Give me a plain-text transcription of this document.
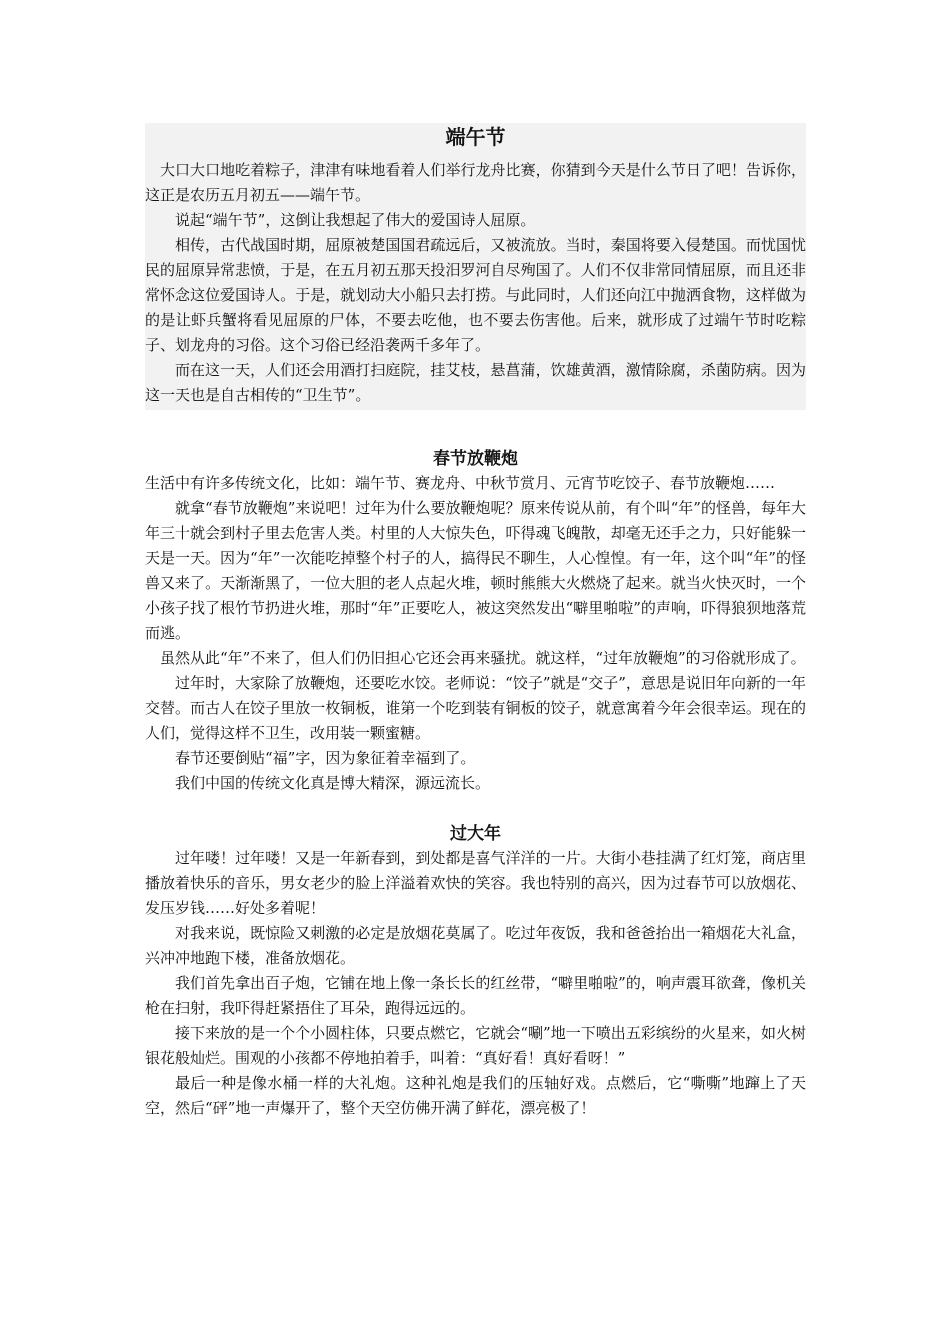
端午节

大口大口地吃着粽子，津津有味地看着人们举行龙舟比赛，你猜到今天是什么节日了吧！告诉你，这正是农历五月初五——端午节。

说起“端午节”，这倒让我想起了伟大的爱国诗人屈原。

相传，古代战国时期，屈原被楚国国君疏远后，又被流放。当时，秦国将要入侵楚国。而忧国忧民的屈原异常悲愤，于是，在五月初五那天投汨罗河自尽殉国了。人们不仅非常同情屈原，而且还非常怀念这位爱国诗人。于是，就划动大小船只去打捞。与此同时，人们还向江中抛洒食物，这样做为的是让虾兵蟹将看见屈原的尸体，不要去吃他，也不要去伤害他。后来，就形成了过端午节时吃粽子、划龙舟的习俗。这个习俗已经沿袭两千多年了。

而在这一天，人们还会用酒打扫庭院，挂艾枝，悬菖蒲，饮雄黄酒，激情除腐，杀菌防病。因为这一天也是自古相传的“卫生节”。

春节放鞭炮

生活中有许多传统文化，比如：端午节、赛龙舟、中秋节赏月、元宵节吃饺子、春节放鞭炮……

就拿“春节放鞭炮”来说吧！过年为什么要放鞭炮呢？原来传说从前，有个叫“年”的怪兽，每年大年三十就会到村子里去危害人类。村里的人大惊失色，吓得魂飞魄散，却毫无还手之力，只好能躲一天是一天。因为“年”一次能吃掉整个村子的人，搞得民不聊生，人心惶惶。有一年，这个叫“年”的怪兽又来了。天渐渐黑了，一位大胆的老人点起火堆，顿时熊熊大火燃烧了起来。就当火快灭时，一个小孩子找了根竹节扔进火堆，那时“年”正要吃人，被这突然发出“噼里啪啦”的声响，吓得狼狈地落荒而逃。

虽然从此“年”不来了，但人们仍旧担心它还会再来骚扰。就这样，“过年放鞭炮”的习俗就形成了。

过年时，大家除了放鞭炮，还要吃水饺。老师说：“饺子”就是“交子”，意思是说旧年向新的一年交替。而古人在饺子里放一枚铜板，谁第一个吃到装有铜板的饺子，就意寓着今年会很幸运。现在的人们，觉得这样不卫生，改用装一颗蜜糖。

春节还要倒贴“福”字，因为象征着幸福到了。

我们中国的传统文化真是博大精深，源远流长。

过大年

过年喽！过年喽！又是一年新春到，到处都是喜气洋洋的一片。大街小巷挂满了红灯笼，商店里播放着快乐的音乐，男女老少的脸上洋溢着欢快的笑容。我也特别的高兴，因为过春节可以放烟花、发压岁钱……好处多着呢！

对我来说，既惊险又刺激的必定是放烟花莫属了。吃过年夜饭，我和爸爸抬出一箱烟花大礼盒，兴冲冲地跑下楼，准备放烟花。

我们首先拿出百子炮，它铺在地上像一条长长的红丝带，“噼里啪啦”的，响声震耳欲聋，像机关枪在扫射，我吓得赶紧捂住了耳朵，跑得远远的。

接下来放的是一个个小圆柱体，只要点燃它，它就会“唰”地一下喷出五彩缤纷的火星来，如火树银花般灿烂。围观的小孩都不停地拍着手，叫着：“真好看！真好看呀！”

最后一种是像水桶一样的大礼炮。这种礼炮是我们的压轴好戏。点燃后，它“嘶嘶”地蹿上了天空，然后“砰”地一声爆开了，整个天空仿佛开满了鲜花，漂亮极了！
